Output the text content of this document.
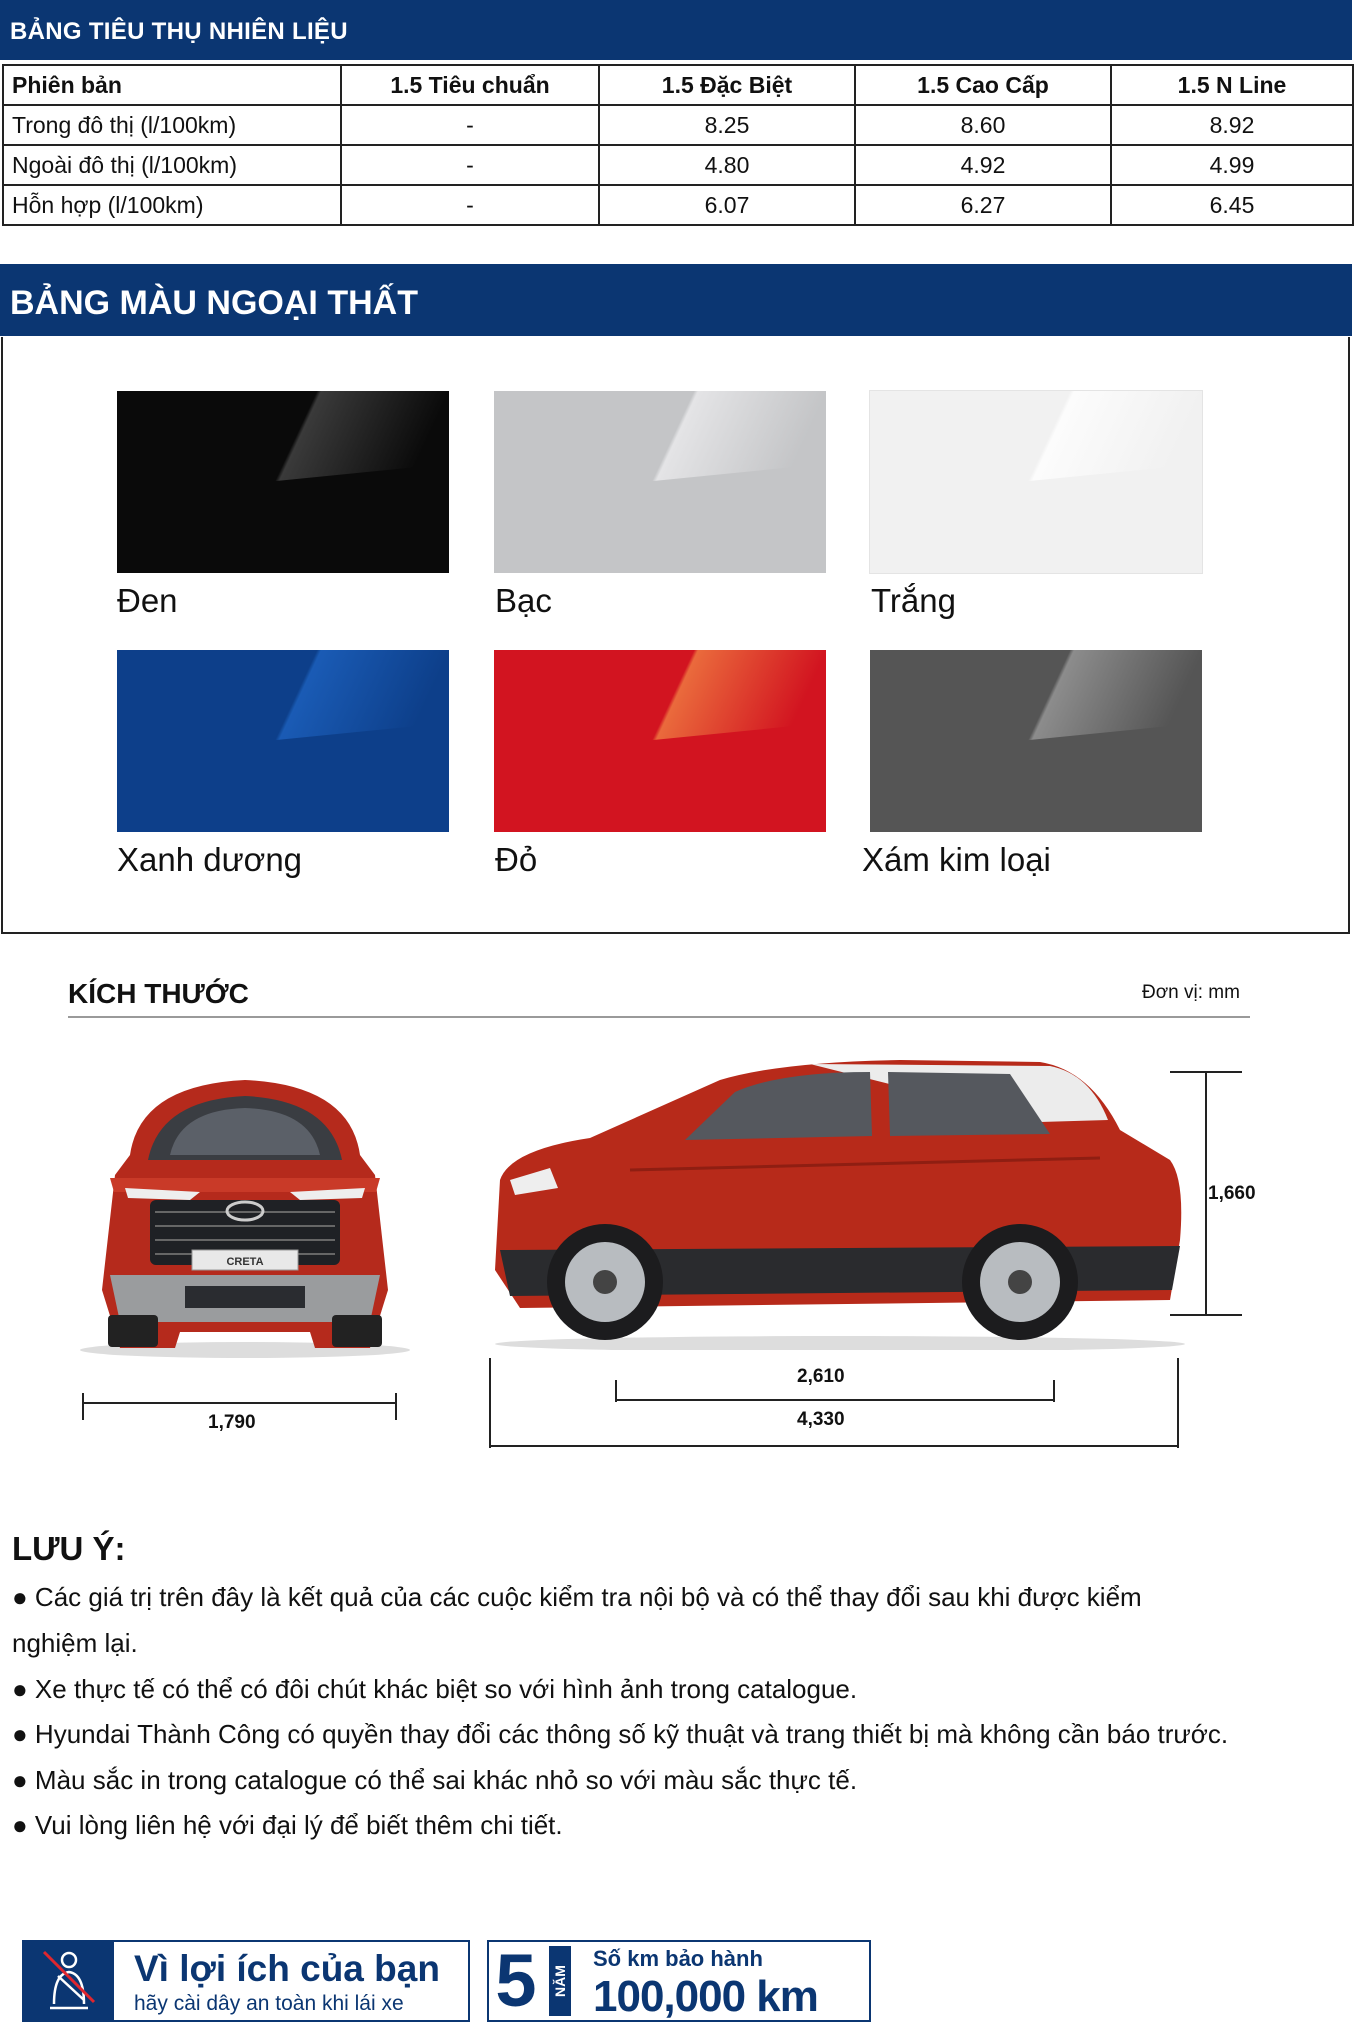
BẢNG TIÊU THỤ NHIÊN LIỆU
Phiên bản	1.5 Tiêu chuẩn	1.5 Đặc Biệt	1.5 Cao Cấp	1.5 N Line
Trong đô thị (l/100km)	-	8.25	8.60	8.92
Ngoài đô thị (l/100km)	-	4.80	4.92	4.99
Hỗn hợp (l/100km)	-	6.07	6.27	6.45
BẢNG MÀU NGOẠI THẤT
Đen	Bạc	Trắng
Xanh dương	Đỏ	Xám kim loại
KÍCH THƯỚC	Đơn vị: mm
CRETA
1,790
1,660
2,610
4,330
LƯU Ý:
● Các giá trị trên đây là kết quả của các cuộc kiểm tra nội bộ và có thể thay đổi sau khi được kiểm
nghiệm lại.
● Xe thực tế có thể có đôi chút khác biệt so với hình ảnh trong catalogue.
● Hyundai Thành Công có quyền thay đổi các thông số kỹ thuật và trang thiết bị mà không cần báo trước.
● Màu sắc in trong catalogue có thể sai khác nhỏ so với màu sắc thực tế.
● Vui lòng liên hệ với đại lý để biết thêm chi tiết.
Vì lợi ích của bạn
hãy cài dây an toàn khi lái xe 5	NĂM
Số km bảo hành
100,000 km
